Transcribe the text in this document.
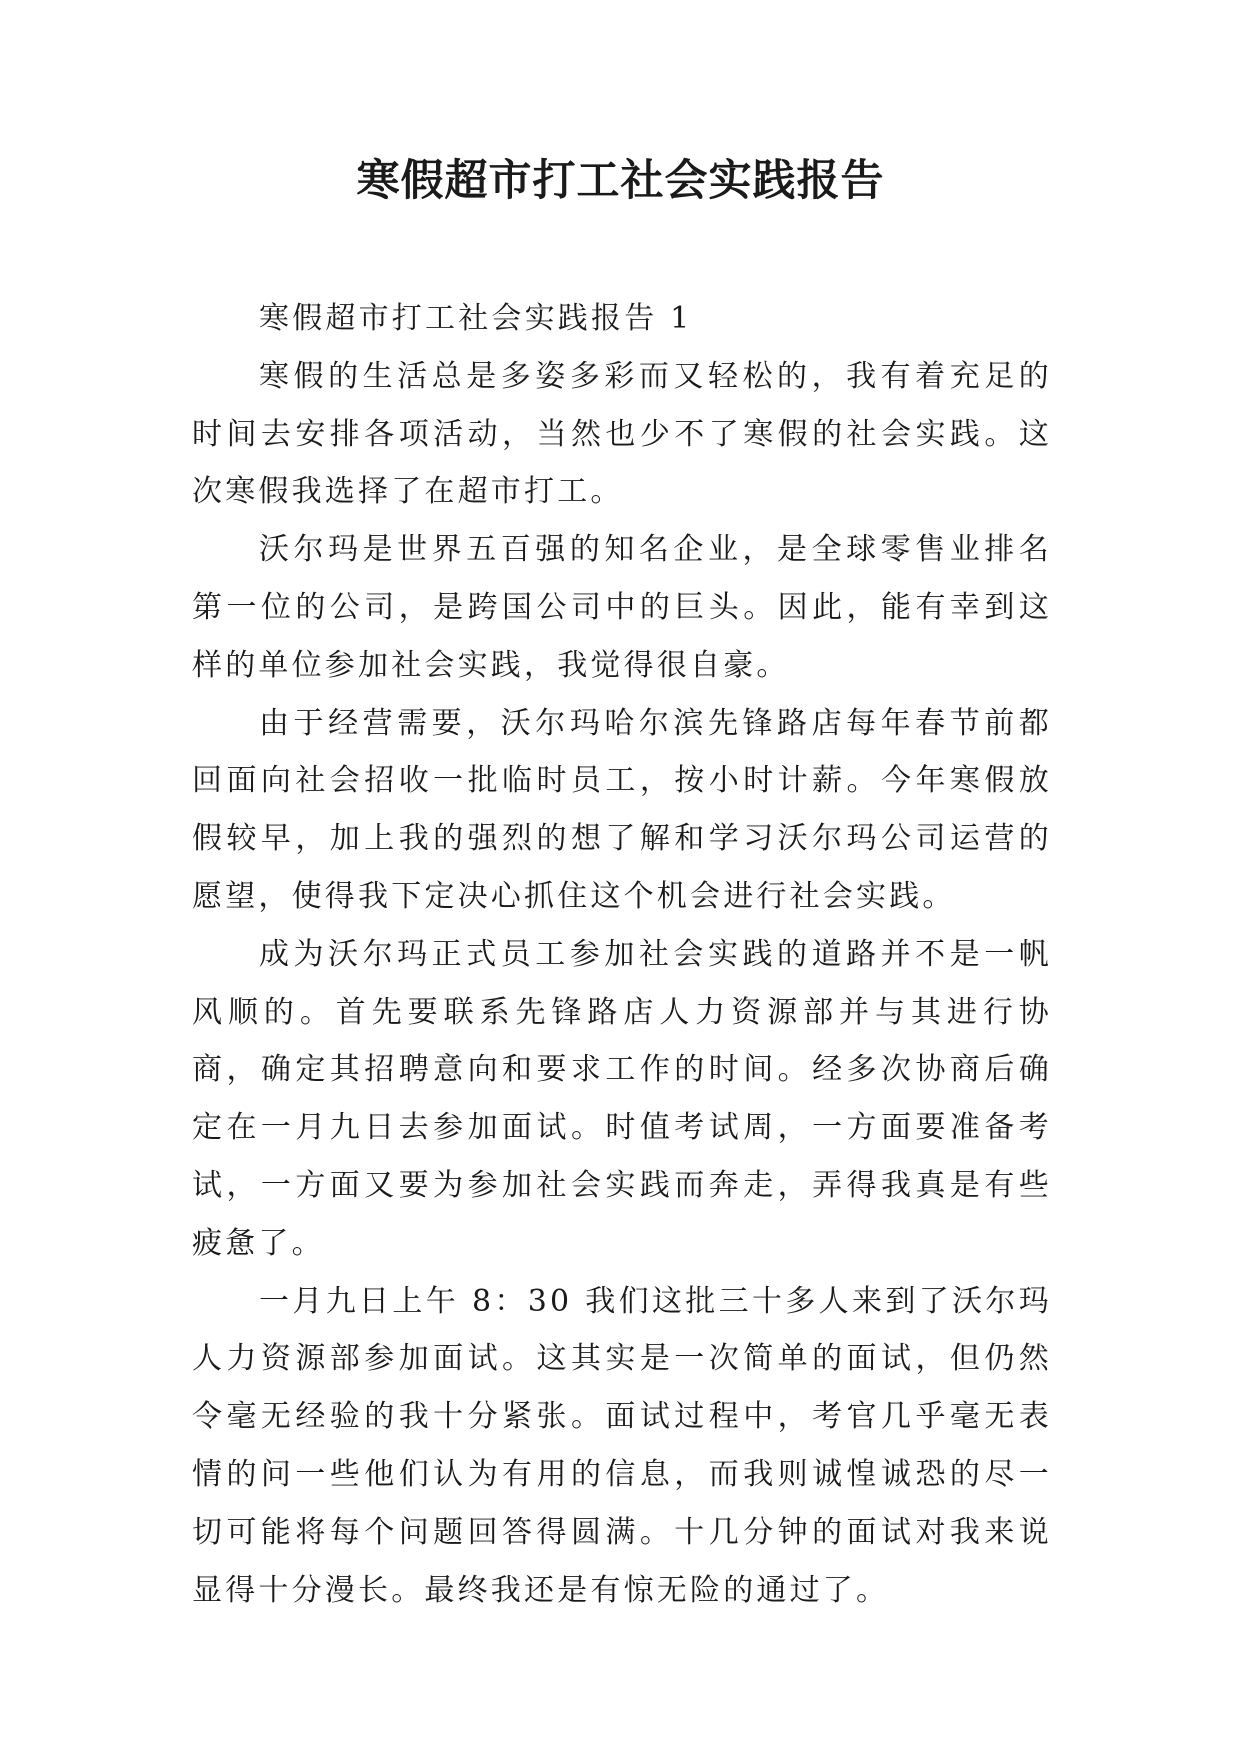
寒假超市打工社会实践报告

寒假超市打工社会实践报告 1

寒假的生活总是多姿多彩而又轻松的，我有着充足的时间去安排各项活动，当然也少不了寒假的社会实践。这次寒假我选择了在超市打工。

沃尔玛是世界五百强的知名企业，是全球零售业排名第一位的公司，是跨国公司中的巨头。因此，能有幸到这样的单位参加社会实践，我觉得很自豪。

由于经营需要，沃尔玛哈尔滨先锋路店每年春节前都回面向社会招收一批临时员工，按小时计薪。今年寒假放假较早，加上我的强烈的想了解和学习沃尔玛公司运营的愿望，使得我下定决心抓住这个机会进行社会实践。

成为沃尔玛正式员工参加社会实践的道路并不是一帆风顺的。首先要联系先锋路店人力资源部并与其进行协商，确定其招聘意向和要求工作的时间。经多次协商后确定在一月九日去参加面试。时值考试周，一方面要准备考试，一方面又要为参加社会实践而奔走，弄得我真是有些疲惫了。

一月九日上午 8：30 我们这批三十多人来到了沃尔玛人力资源部参加面试。这其实是一次简单的面试，但仍然令毫无经验的我十分紧张。面试过程中，考官几乎毫无表情的问一些他们认为有用的信息，而我则诚惶诚恐的尽一切可能将每个问题回答得圆满。十几分钟的面试对我来说显得十分漫长。最终我还是有惊无险的通过了。
